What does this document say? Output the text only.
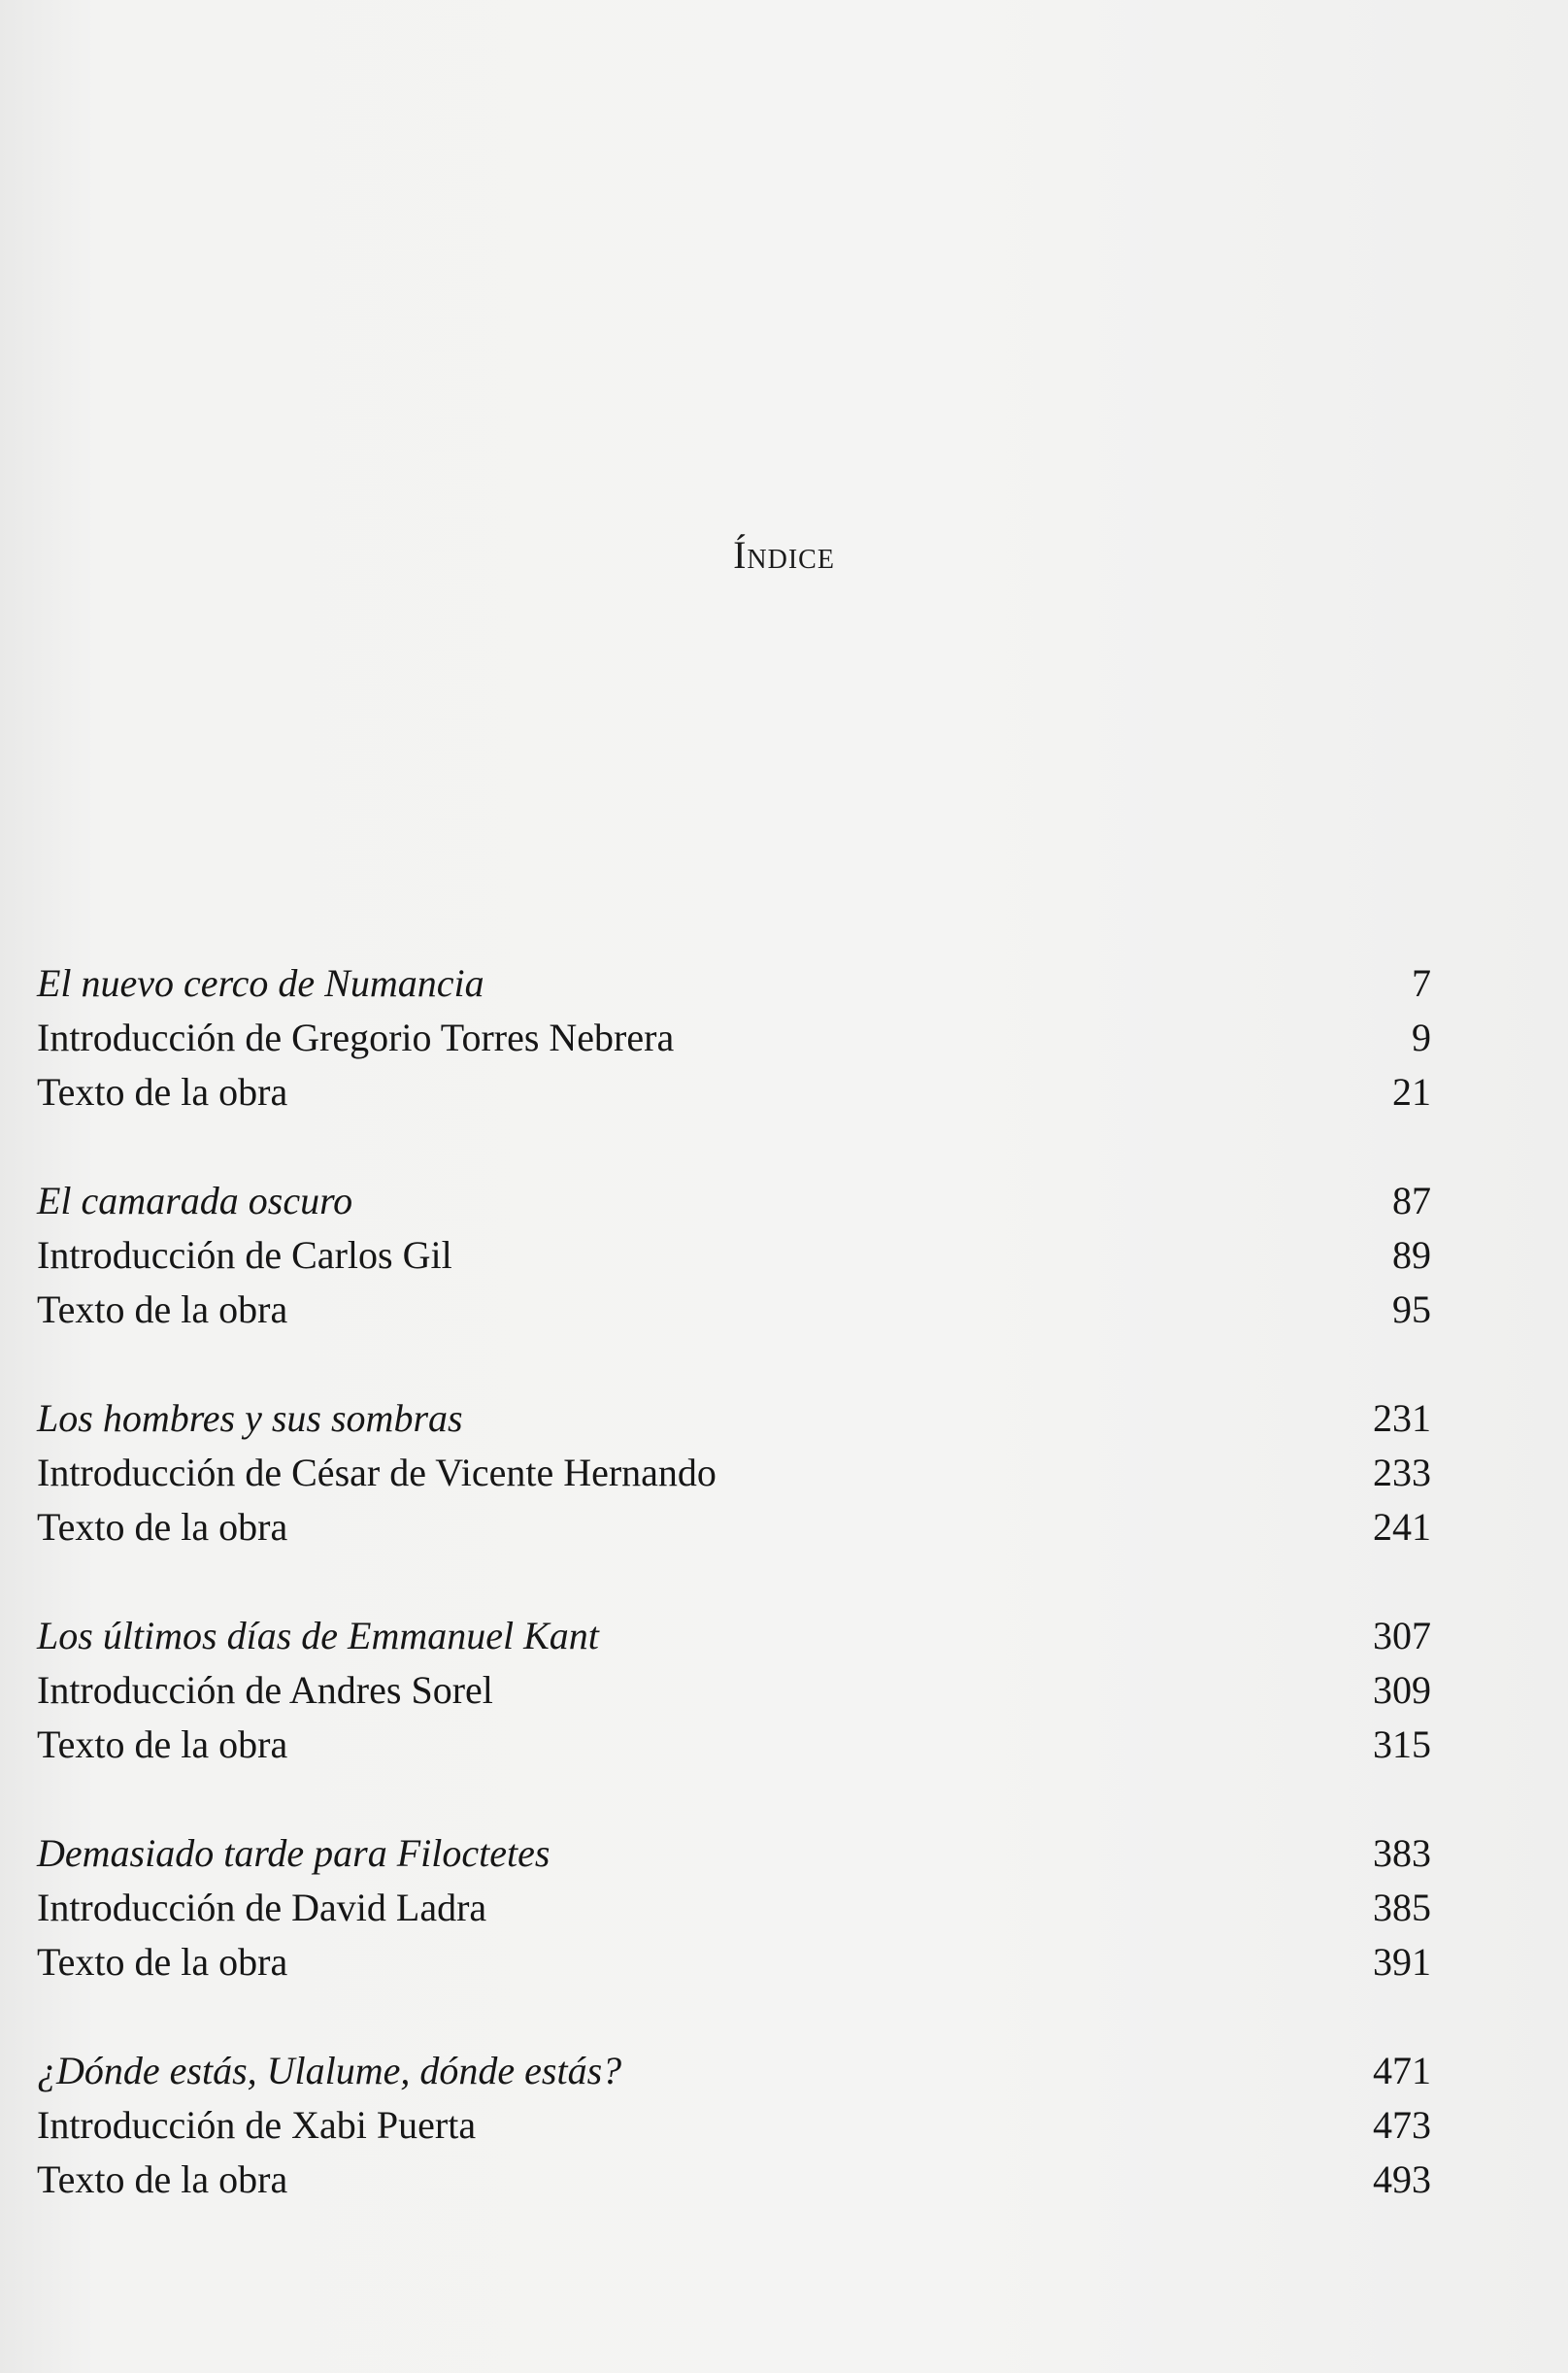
Índice
El nuevo cerco de Numancia	7
Introducción de Gregorio Torres Nebrera	9
Texto de la obra	21
El camarada oscuro	87
Introducción de Carlos Gil	89
Texto de la obra	95
Los hombres y sus sombras	231
Introducción de César de Vicente Hernando	233
Texto de la obra	241
Los últimos días de Emmanuel Kant	307
Introducción de Andres Sorel	309
Texto de la obra	315
Demasiado tarde para Filoctetes	383
Introducción de David Ladra	385
Texto de la obra	391
¿Dónde estás, Ulalume, dónde estás?	471
Introducción de Xabi Puerta	473
Texto de la obra	493
